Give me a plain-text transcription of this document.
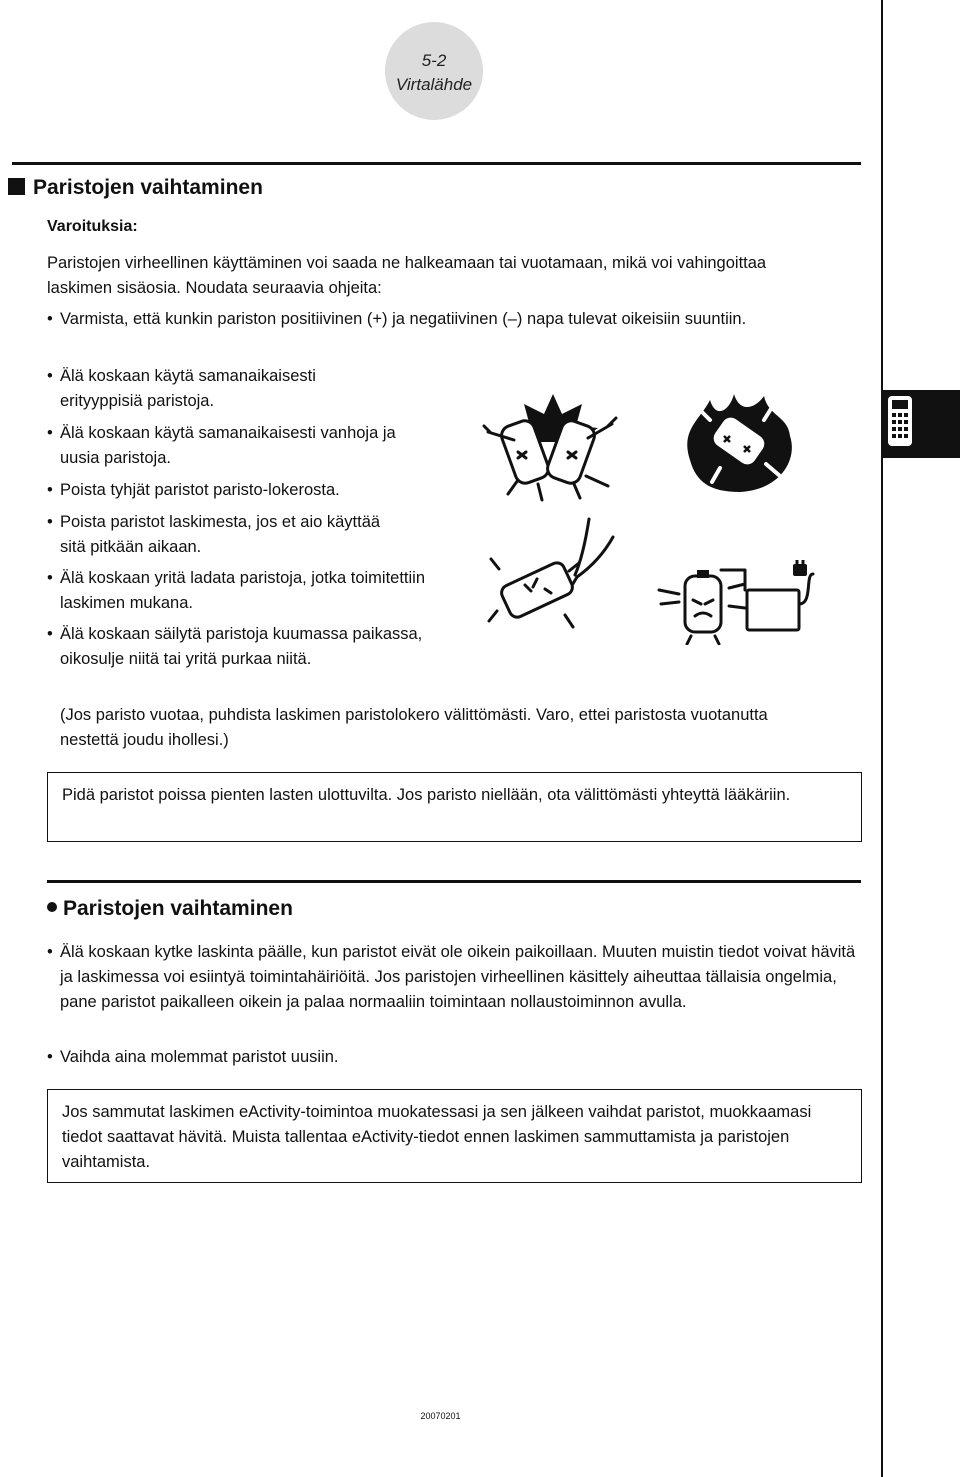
5-2
Virtalähde
Paristojen vaihtaminen
Varoituksia:
Paristojen virheellinen käyttäminen voi saada ne halkeamaan tai vuotamaan, mikä voi vahingoittaa laskimen sisäosia. Noudata seuraavia ohjeita:
• Varmista, että kunkin pariston positiivinen (+) ja negatiivinen (–) napa tulevat oikeisiin suuntiin.
• Älä koskaan käytä samanaikaisesti erityyppisiä paristoja.
• Älä koskaan käytä samanaikaisesti vanhoja ja uusia paristoja.
• Poista tyhjät paristot paristo-lokerosta.
• Poista paristot laskimesta, jos et aio käyttää sitä pitkään aikaan.
• Älä koskaan yritä ladata paristoja, jotka toimitettiin laskimen mukana.
• Älä koskaan säilytä paristoja kuumassa paikassa, oikosulje niitä tai yritä purkaa niitä.
(Jos paristo vuotaa, puhdista laskimen paristolokero välittömästi. Varo, ettei paristosta vuotanutta nestettä joudu ihollesi.)
Pidä paristot poissa pienten lasten ulottuvilta. Jos paristo niellään, ota välittömästi yhteyttä lääkäriin.
Paristojen vaihtaminen
• Älä koskaan kytke laskinta päälle, kun paristot eivät ole oikein paikoillaan. Muuten muistin tiedot voivat hävitä ja laskimessa voi esiintyä toimintahäiriöitä. Jos paristojen virheellinen käsittely aiheuttaa tällaisia ongelmia, pane paristot paikalleen oikein ja palaa normaaliin toimintaan nollaustoiminnon avulla.
• Vaihda aina molemmat paristot uusiin.
Jos sammutat laskimen eActivity-toimintoa muokatessasi ja sen jälkeen vaihdat paristot, muokkaamasi tiedot saattavat hävitä. Muista tallentaa eActivity-tiedot ennen laskimen sammuttamista ja paristojen vaihtamista.
20070201
